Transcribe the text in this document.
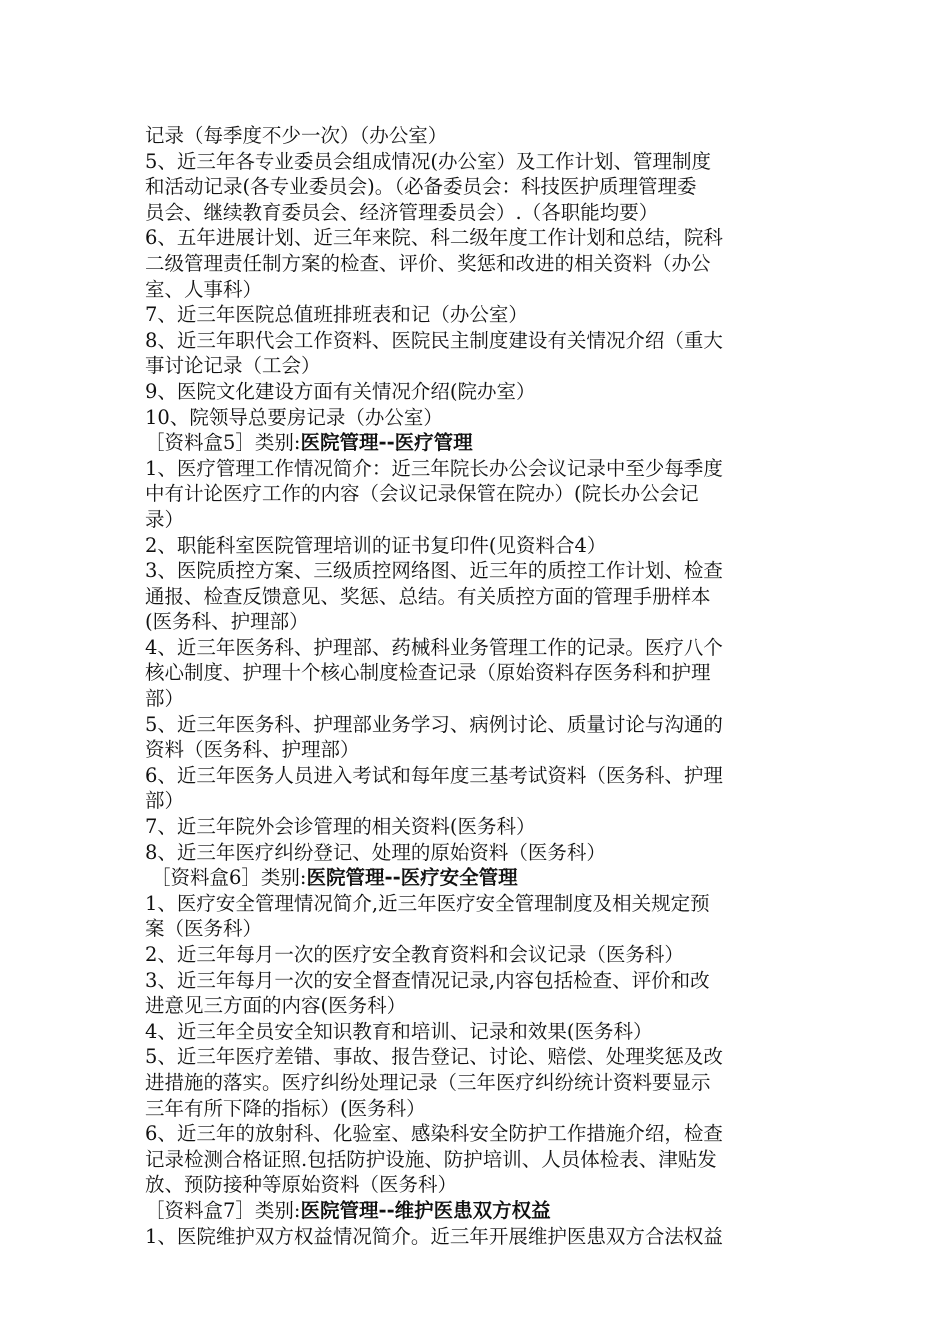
记录（每季度不少一次）（办公室）

5、近三年各专业委员会组成情况(办公室）及工作计划、管理制度

和活动记录(各专业委员会)。（必备委员会：科技医护质理管理委

员会、继续教育委员会、经济管理委员会）.（各职能均要）

6、五年进展计划、近三年来院、科二级年度工作计划和总结，院科

二级管理责任制方案的检查、评价、奖惩和改进的相关资料（办公

室、人事科）

7、近三年医院总值班排班表和记（办公室）

8、近三年职代会工作资料、医院民主制度建设有关情况介绍（重大

事讨论记录（工会）

9、医院文化建设方面有关情况介绍(院办室）

10、院领导总要房记录（办公室）

［资料盒5］类别:医院管理--医疗管理

1、医疗管理工作情况简介：近三年院长办公会议记录中至少每季度

中有计论医疗工作的内容（会议记录保管在院办）(院长办公会记

录）

2、职能科室医院管理培训的证书复印件(见资料合4）

3、医院质控方案、三级质控网络图、近三年的质控工作计划、检查

通报、检查反馈意见、奖惩、总结。有关质控方面的管理手册样本

(医务科、护理部）

4、近三年医务科、护理部、药械科业务管理工作的记录。医疗八个

核心制度、护理十个核心制度检查记录（原始资料存医务科和护理

部）

5、近三年医务科、护理部业务学习、病例讨论、质量讨论与沟通的

资料（医务科、护理部）

6、近三年医务人员进入考试和每年度三基考试资料（医务科、护理

部）

7、近三年院外会诊管理的相关资料(医务科）

8、近三年医疗纠纷登记、处理的原始资料（医务科）

［资料盒6］类别:医院管理--医疗安全管理

1、医疗安全管理情况简介,近三年医疗安全管理制度及相关规定预

案（医务科）

2、近三年每月一次的医疗安全教育资料和会议记录（医务科）

3、近三年每月一次的安全督查情况记录,内容包括检查、评价和改

进意见三方面的内容(医务科）

4、近三年全员安全知识教育和培训、记录和效果(医务科）

5、近三年医疗差错、事故、报告登记、讨论、赔偿、处理奖惩及改

进措施的落实。医疗纠纷处理记录（三年医疗纠纷统计资料要显示

三年有所下降的指标）(医务科）

6、近三年的放射科、化验室、感染科安全防护工作措施介绍，检查

记录检测合格证照.包括防护设施、防护培训、人员体检表、津贴发

放、预防接种等原始资料（医务科）

［资料盒7］类别:医院管理--维护医患双方权益

1、医院维护双方权益情况简介。近三年开展维护医患双方合法权益
